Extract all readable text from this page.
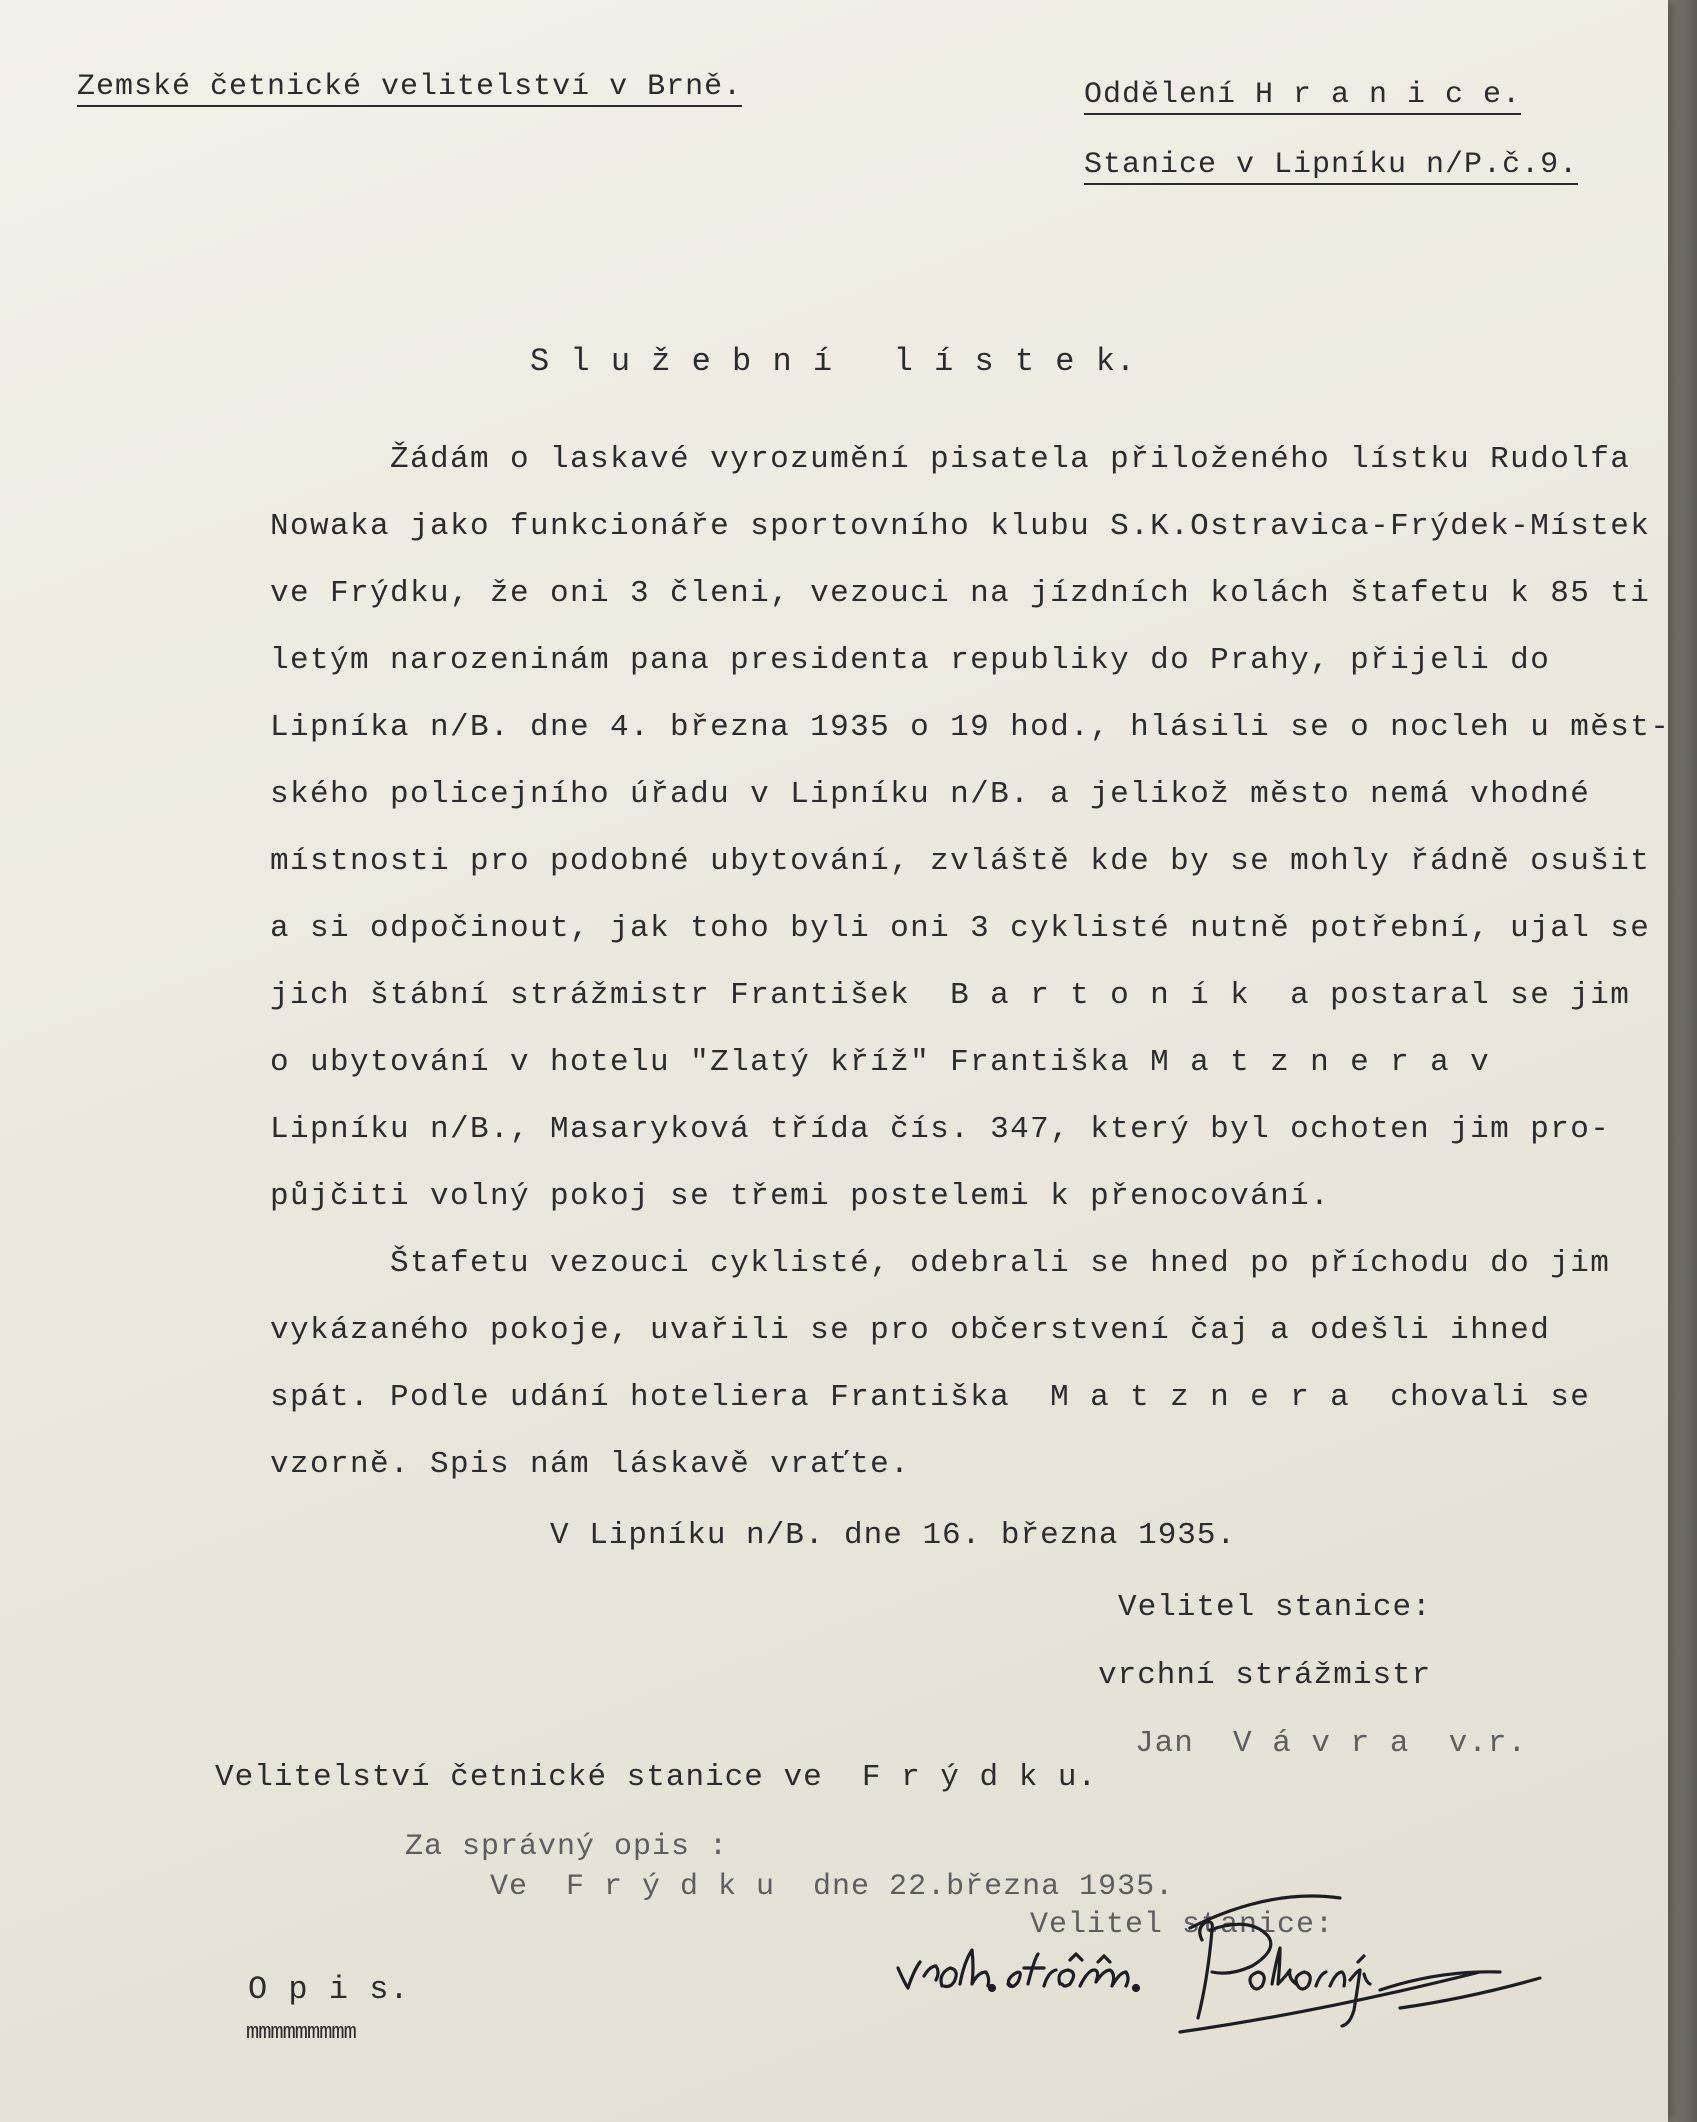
Zemské četnické velitelství v Brně.	Oddělení H r a n i c e.
Stanice v Lipníku n/P.č.9.
S l u ž e b n í   l í s t e k.
Žádám o laskavé vyrozumění pisatela přiloženého lístku Rudolfa
Nowaka jako funkcionáře sportovního klubu S.K.Ostravica-Frýdek-Místek
ve Frýdku, že oni 3 členi, vezouci na jízdních kolách štafetu k 85 ti
letým narozeninám pana presidenta republiky do Prahy, přijeli do
Lipníka n/B. dne 4. března 1935 o 19 hod., hlásili se o nocleh u měst-
ského policejního úřadu v Lipníku n/B. a jelikož město nemá vhodné
místnosti pro podobné ubytování, zvláště kde by se mohly řádně osušit
a si odpočinout, jak toho byli oni 3 cyklisté nutně potřební, ujal se
jich štábní strážmistr František  B a r t o n í k  a postaral se jim
o ubytování v hotelu "Zlatý kříž" Františka M a t z n e r a v
Lipníku n/B., Masaryková třída čís. 347, který byl ochoten jim pro-
půjčiti volný pokoj se třemi postelemi k přenocování.
Štafetu vezouci cyklisté, odebrali se hned po příchodu do jim
vykázaného pokoje, uvařili se pro občerstvení čaj a odešli ihned
spát. Podle udání hoteliera Františka  M a t z n e r a  chovali se
vzorně. Spis nám láskavě vraťte.
V Lipníku n/B. dne 16. března 1935.
Velitel stanice:
vrchní strážmistr
Jan  V á v r a  v.r.
Velitelství četnické stanice ve  F r ý d k u.
Za správný opis :
Ve  F r ý d k u  dne 22.března 1935.
Velitel stanice:
O p i s.
mmmmmmmmm
